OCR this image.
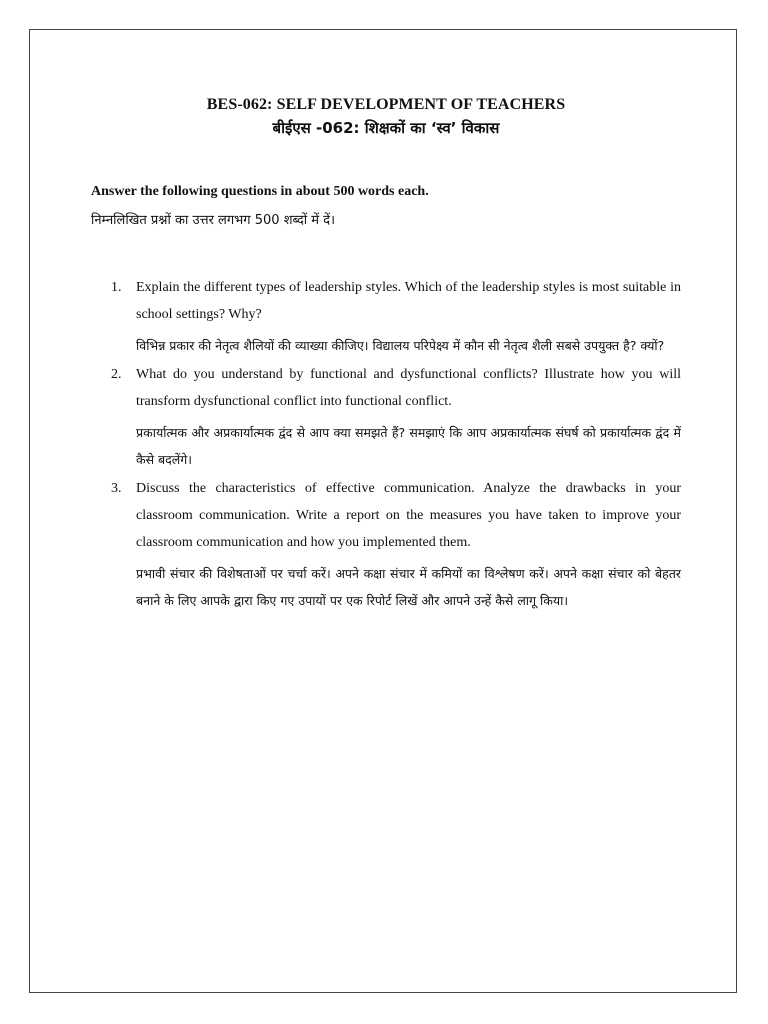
BES-062: SELF DEVELOPMENT OF TEACHERS
बीईएस -062: शिक्षकों का ‘स्व’ विकास
Answer the following questions in about 500 words each.
निम्नलिखित प्रश्नों का उत्तर लगभग 500 शब्दों में दें।
1. Explain the different types of leadership styles. Which of the leadership styles is most suitable in school settings? Why?

विभिन्न प्रकार की नेतृत्व शैलियों की व्याख्या कीजिए। विद्यालय परिपेक्ष्य में कौन सी नेतृत्व शैली सबसे उपयुक्त है? क्यों?

2. What do you understand by functional and dysfunctional conflicts? Illustrate how you will transform dysfunctional conflict into functional conflict.

प्रकार्यात्मक और अप्रकार्यात्मक द्वंद से आप क्या समझते हैं? समझाएं कि आप अप्रकार्यात्मक संघर्ष को प्रकार्यात्मक द्वंद में कैसे बदलेंगे।

3. Discuss the characteristics of effective communication. Analyze the drawbacks in your classroom communication. Write a report on the measures you have taken to improve your classroom communication and how you implemented them.

प्रभावी संचार की विशेषताओं पर चर्चा करें। अपने कक्षा संचार में कमियों का विश्लेषण करें। अपने कक्षा संचार को बेहतर बनाने के लिए आपके द्वारा किए गए उपायों पर एक रिपोर्ट लिखें और आपने उन्हें कैसे लागू किया।
